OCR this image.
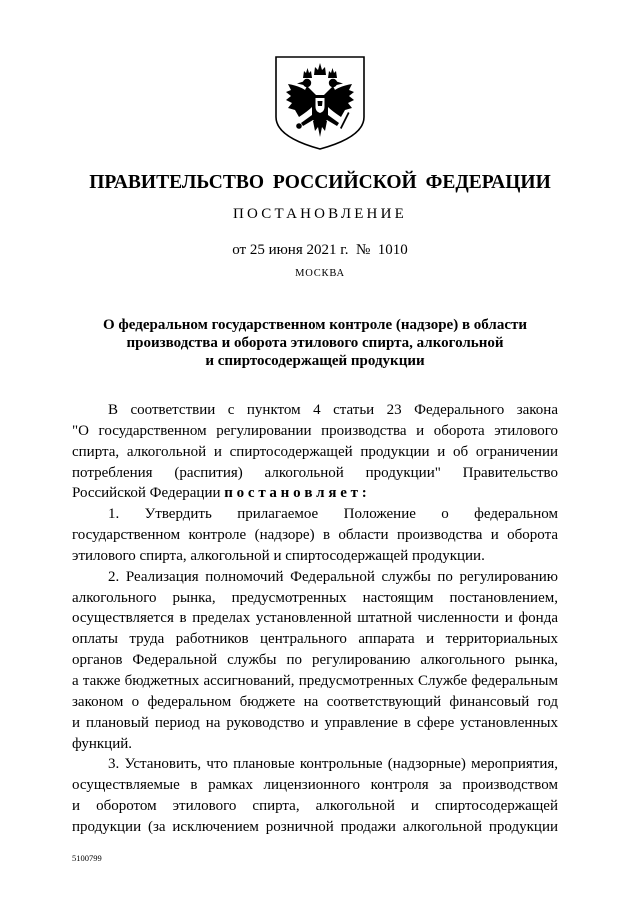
ПРАВИТЕЛЬСТВО РОССИЙСКОЙ ФЕДЕРАЦИИ
ПОСТАНОВЛЕНИЕ
от 25 июня 2021 г. № 1010
МОСКВА
О федеральном государственном контроле (надзоре) в области
производства и оборота этилового спирта, алкогольной
и спиртосодержащей продукции
В соответствии с пунктом 4 статьи 23 Федерального закона
"О государственном регулировании производства и оборота этилового
спирта, алкогольной и спиртосодержащей продукции и об ограничении
потребления (распития) алкогольной продукции" Правительство
Российской Федерации п о с т а н о в л я е т :
1. Утвердить прилагаемое Положение о федеральном
государственном контроле (надзоре) в области производства и оборота
этилового спирта, алкогольной и спиртосодержащей продукции.
2. Реализация полномочий Федеральной службы по регулированию
алкогольного рынка, предусмотренных настоящим постановлением,
осуществляется в пределах установленной штатной численности и фонда
оплаты труда работников центрального аппарата и территориальных
органов Федеральной службы по регулированию алкогольного рынка,
а также бюджетных ассигнований, предусмотренных Службе федеральным
законом о федеральном бюджете на соответствующий финансовый год
и плановый период на руководство и управление в сфере установленных
функций.
3. Установить, что плановые контрольные (надзорные) мероприятия,
осуществляемые в рамках лицензионного контроля за производством
и оборотом этилового спирта, алкогольной и спиртосодержащей
продукции (за исключением розничной продажи алкогольной продукции
5100799
